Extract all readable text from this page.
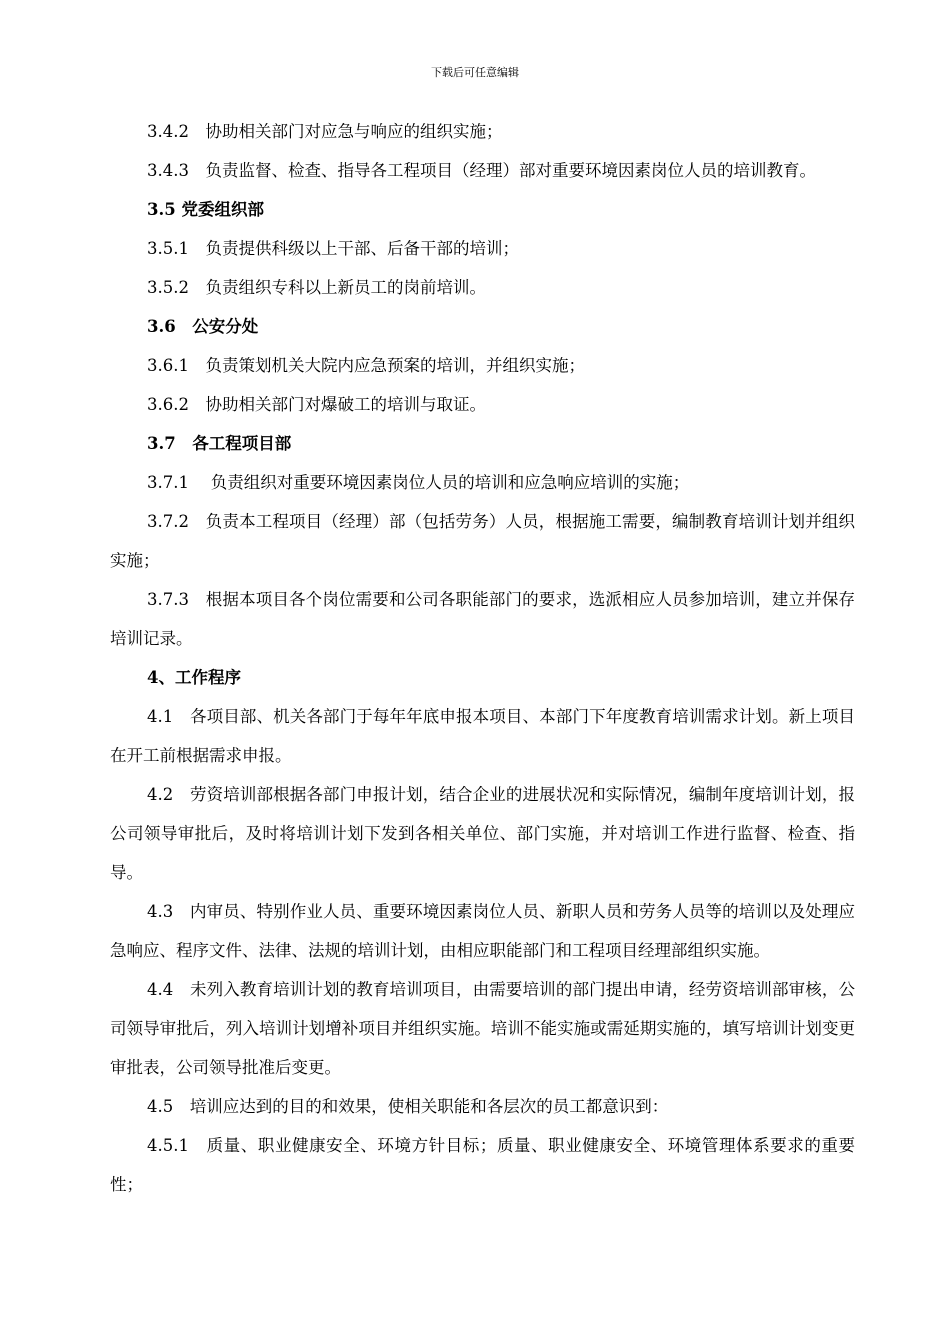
下载后可任意编辑

3.4.2　协助相关部门对应急与响应的组织实施；

3.4.3　负责监督、检查、指导各工程项目（经理）部对重要环境因素岗位人员的培训教育。

3.5 党委组织部

3.5.1　负责提供科级以上干部、后备干部的培训；

3.5.2　负责组织专科以上新员工的岗前培训。

3.6　公安分处

3.6.1　负责策划机关大院内应急预案的培训，并组织实施；

3.6.2　协助相关部门对爆破工的培训与取证。

3.7　各工程项目部

3.7.1　 负责组织对重要环境因素岗位人员的培训和应急响应培训的实施；

3.7.2　负责本工程项目（经理）部（包括劳务）人员，根据施工需要，编制教育培训计划并组织实施；

3.7.3　根据本项目各个岗位需要和公司各职能部门的要求，选派相应人员参加培训，建立并保存培训记录。

4、工作程序

4.1　各项目部、机关各部门于每年年底申报本项目、本部门下年度教育培训需求计划。新上项目在开工前根据需求申报。

4.2　劳资培训部根据各部门申报计划，结合企业的进展状况和实际情况，编制年度培训计划，报公司领导审批后，及时将培训计划下发到各相关单位、部门实施，并对培训工作进行监督、检查、指导。

4.3　内审员、特别作业人员、重要环境因素岗位人员、新职人员和劳务人员等的培训以及处理应急响应、程序文件、法律、法规的培训计划，由相应职能部门和工程项目经理部组织实施。

4.4　未列入教育培训计划的教育培训项目，由需要培训的部门提出申请，经劳资培训部审核，公司领导审批后，列入培训计划增补项目并组织实施。培训不能实施或需延期实施的，填写培训计划变更审批表，公司领导批准后变更。

4.5　培训应达到的目的和效果，使相关职能和各层次的员工都意识到：

4.5.1　质量、职业健康安全、环境方针目标；质量、职业健康安全、环境管理体系要求的重要性；
